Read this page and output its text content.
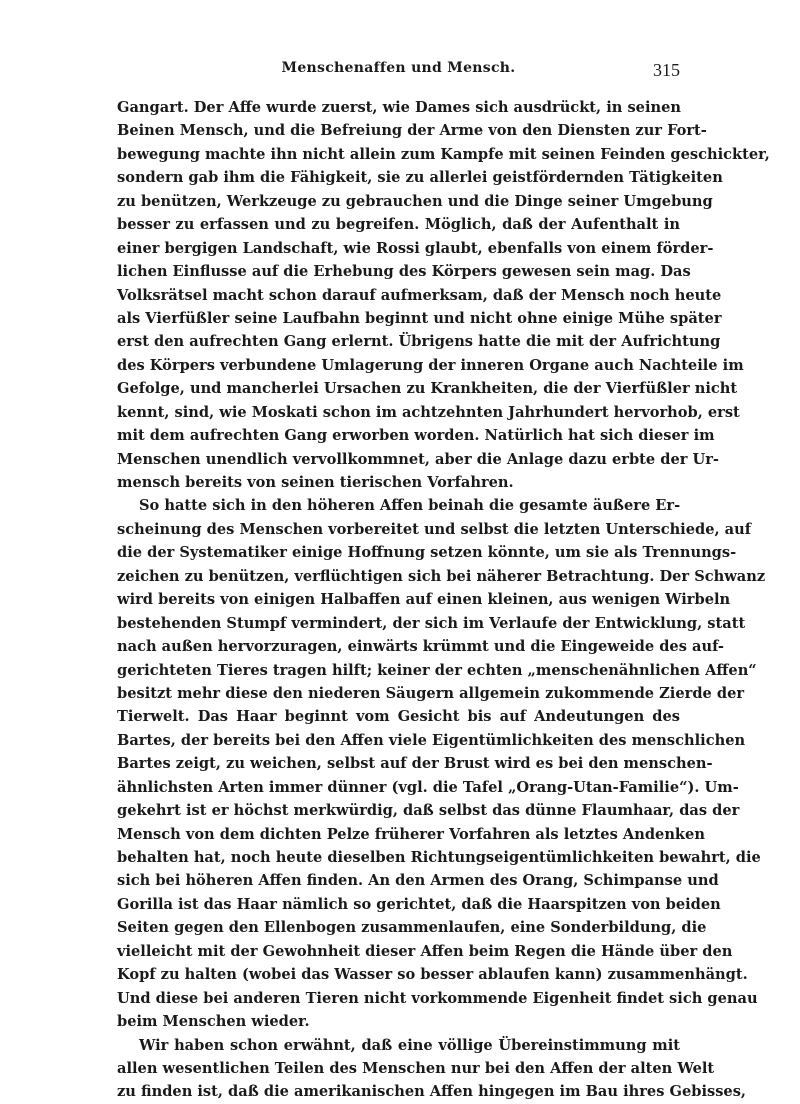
Menschenaffen und Mensch.	315
Gangart. Der Affe wurde zuerst, wie Dames sich ausdrückt, in seinen
Beinen Mensch, und die Befreiung der Arme von den Diensten zur Fort-
bewegung machte ihn nicht allein zum Kampfe mit seinen Feinden geschickter,
sondern gab ihm die Fähigkeit, sie zu allerlei geistfördernden Tätigkeiten
zu benützen, Werkzeuge zu gebrauchen und die Dinge seiner Umgebung
besser zu erfassen und zu begreifen. Möglich, daß der Aufenthalt in
einer bergigen Landschaft, wie Rossi glaubt, ebenfalls von einem förder-
lichen Einflusse auf die Erhebung des Körpers gewesen sein mag. Das
Volksrätsel macht schon darauf aufmerksam, daß der Mensch noch heute
als Vierfüßler seine Laufbahn beginnt und nicht ohne einige Mühe später
erst den aufrechten Gang erlernt. Übrigens hatte die mit der Aufrichtung
des Körpers verbundene Umlagerung der inneren Organe auch Nachteile im
Gefolge, und mancherlei Ursachen zu Krankheiten, die der Vierfüßler nicht
kennt, sind, wie Moskati schon im achtzehnten Jahrhundert hervorhob, erst
mit dem aufrechten Gang erworben worden. Natürlich hat sich dieser im
Menschen unendlich vervollkommnet, aber die Anlage dazu erbte der Ur-
mensch bereits von seinen tierischen Vorfahren.
So hatte sich in den höheren Affen beinah die gesamte äußere Er-
scheinung des Menschen vorbereitet und selbst die letzten Unterschiede, auf
die der Systematiker einige Hoffnung setzen könnte, um sie als Trennungs-
zeichen zu benützen, verflüchtigen sich bei näherer Betrachtung. Der Schwanz
wird bereits von einigen Halbaffen auf einen kleinen, aus wenigen Wirbeln
bestehenden Stumpf vermindert, der sich im Verlaufe der Entwicklung, statt
nach außen hervorzuragen, einwärts krümmt und die Eingeweide des auf-
gerichteten Tieres tragen hilft; keiner der echten „menschenähnlichen Affen“
besitzt mehr diese den niederen Säugern allgemein zukommende Zierde der
Tierwelt. Das Haar beginnt vom Gesicht bis auf Andeutungen des
Bartes, der bereits bei den Affen viele Eigentümlichkeiten des menschlichen
Bartes zeigt, zu weichen, selbst auf der Brust wird es bei den menschen-
ähnlichsten Arten immer dünner (vgl. die Tafel „Orang-Utan-Familie“). Um-
gekehrt ist er höchst merkwürdig, daß selbst das dünne Flaumhaar, das der
Mensch von dem dichten Pelze früherer Vorfahren als letztes Andenken
behalten hat, noch heute dieselben Richtungseigentümlichkeiten bewahrt, die
sich bei höheren Affen finden. An den Armen des Orang, Schimpanse und
Gorilla ist das Haar nämlich so gerichtet, daß die Haarspitzen von beiden
Seiten gegen den Ellenbogen zusammenlaufen, eine Sonderbildung, die
vielleicht mit der Gewohnheit dieser Affen beim Regen die Hände über den
Kopf zu halten (wobei das Wasser so besser ablaufen kann) zusammenhängt.
Und diese bei anderen Tieren nicht vorkommende Eigenheit findet sich genau
beim Menschen wieder.
Wir haben schon erwähnt, daß eine völlige Übereinstimmung mit
allen wesentlichen Teilen des Menschen nur bei den Affen der alten Welt
zu finden ist, daß die amerikanischen Affen hingegen im Bau ihres Gebisses,
